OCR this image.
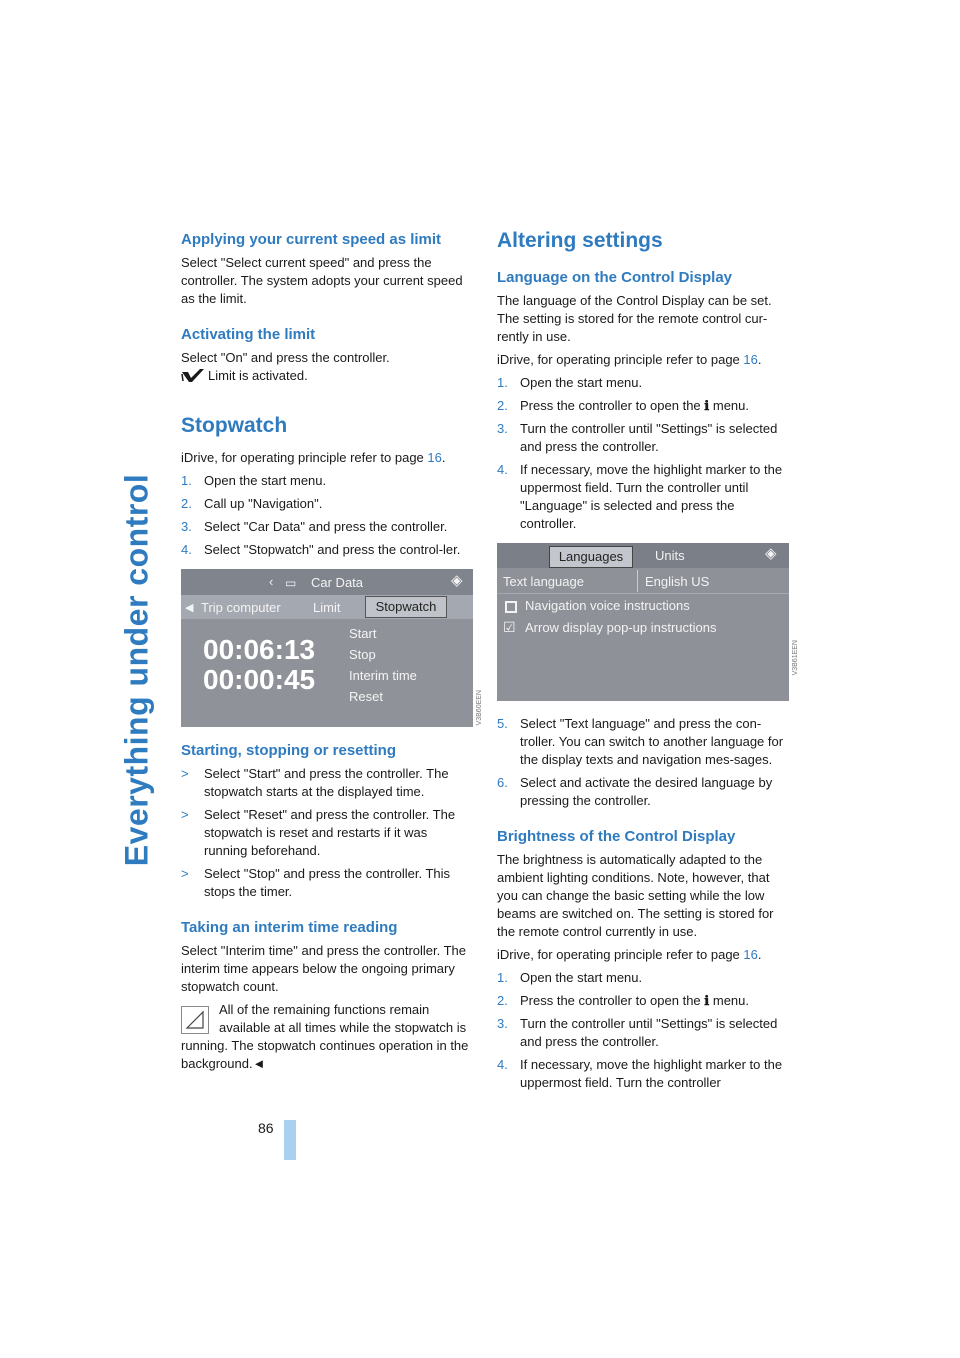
Everything under control
86
Applying your current speed as limit

Select "Select current speed" and press the controller. The system adopts your current speed as the limit.

Activating the limit

Select "On" and press the controller.

Limit is activated.
Stopwatch

iDrive, for operating principle refer to page 16.

1. Open the start menu.
2. Call up "Navigation".
3. Select "Car Data" and press the controller.
4. Select "Stopwatch" and press the control-ler.
‹ ▭ Car Data	◈
◀ Trip computer Limit	Stopwatch
00:06:13
00:00:45
Start
Stop
Interim time
Reset
Starting, stopping or resetting
> Select "Start" and press the controller. The stopwatch starts at the displayed time.
> Select "Reset" and press the controller. The stopwatch is reset and restarts if it was running beforehand.
> Select "Stop" and press the controller. This stops the timer.
Taking an interim time reading

Select "Interim time" and press the controller. The interim time appears below the ongoing primary stopwatch count.

All of the remaining functions remain available at all times while the stopwatch is running. The stopwatch continues operation in the background.◄
Altering settings
Language on the Control Display

The language of the Control Display can be set. The setting is stored for the remote control cur-rently in use.

iDrive, for operating principle refer to page 16.

1. Open the start menu.
2. Press the controller to open the ℹ menu.
3. Turn the controller until "Settings" is selected and press the controller.
4. If necessary, move the highlight marker to the uppermost field. Turn the controller until "Language" is selected and press the controller.
Languages	Units	◈
Text language	English US
Navigation voice instructions
☑ Arrow display pop-up instructions
5. Select "Text language" and press the con-troller. You can switch to another language for the display texts and navigation mes-sages.
6. Select and activate the desired language by pressing the controller.
Brightness of the Control Display

The brightness is automatically adapted to the ambient lighting conditions. Note, however, that you can change the basic setting while the low beams are switched on. The setting is stored for the remote control currently in use.

iDrive, for operating principle refer to page 16.

1. Open the start menu.
2. Press the controller to open the ℹ menu.
3. Turn the controller until "Settings" is selected and press the controller.
4. If necessary, move the highlight marker to the uppermost field. Turn the controller
V3B60EEN
V3B61EEN
